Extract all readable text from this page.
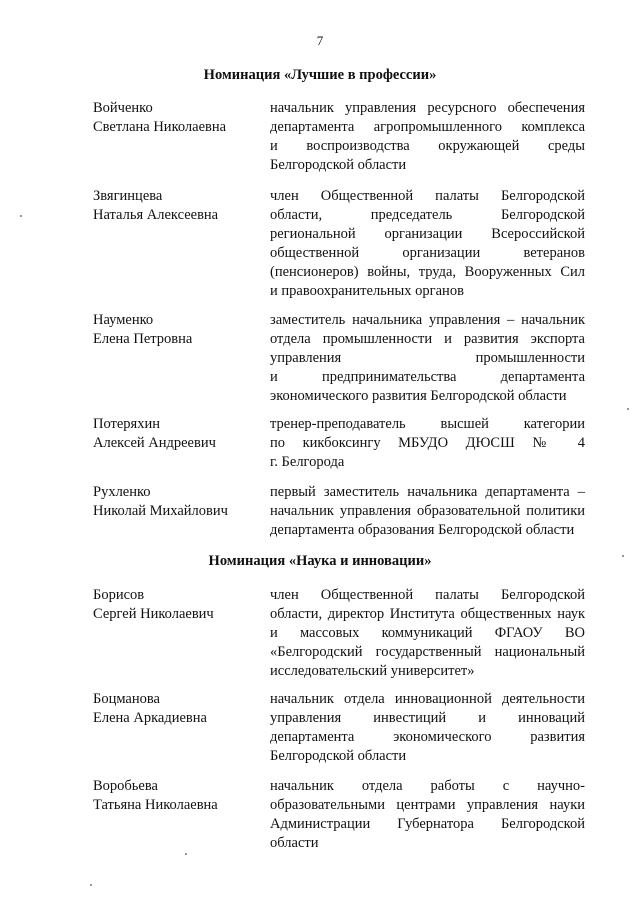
7
Номинация «Лучшие в профессии»
Войченко
Светлана Николаевна
начальник управления ресурсного обеспечения
департамента агропромышленного комплекса
и воспроизводства окружающей среды
Белгородской области
Звягинцева
Наталья Алексеевна
член Общественной палаты Белгородской
области, председатель Белгородской
региональной организации Всероссийской
общественной организации ветеранов
(пенсионеров) войны, труда, Вооруженных Сил
и правоохранительных органов
Науменко
Елена Петровна
заместитель начальника управления – начальник
отдела промышленности и развития экспорта
управления промышленности
и предпринимательства департамента
экономического развития Белгородской области
Потеряхин
Алексей Андреевич
тренер-преподаватель высшей категории
по кикбоксингу МБУДО ДЮСШ № 4
г. Белгорода
Рухленко
Николай Михайлович
первый заместитель начальника департамента –
начальник управления образовательной политики
департамента образования Белгородской области
Номинация «Наука и инновации»
Борисов
Сергей Николаевич
член Общественной палаты Белгородской
области, директор Института общественных наук
и массовых коммуникаций ФГАОУ ВО
«Белгородский государственный национальный
исследовательский университет»
Боцманова
Елена Аркадиевна
начальник отдела инновационной деятельности
управления инвестиций и инноваций
департамента экономического развития
Белгородской области
Воробьева
Татьяна Николаевна
начальник отдела работы с научно-
образовательными центрами управления науки
Администрации Губернатора Белгородской
области
